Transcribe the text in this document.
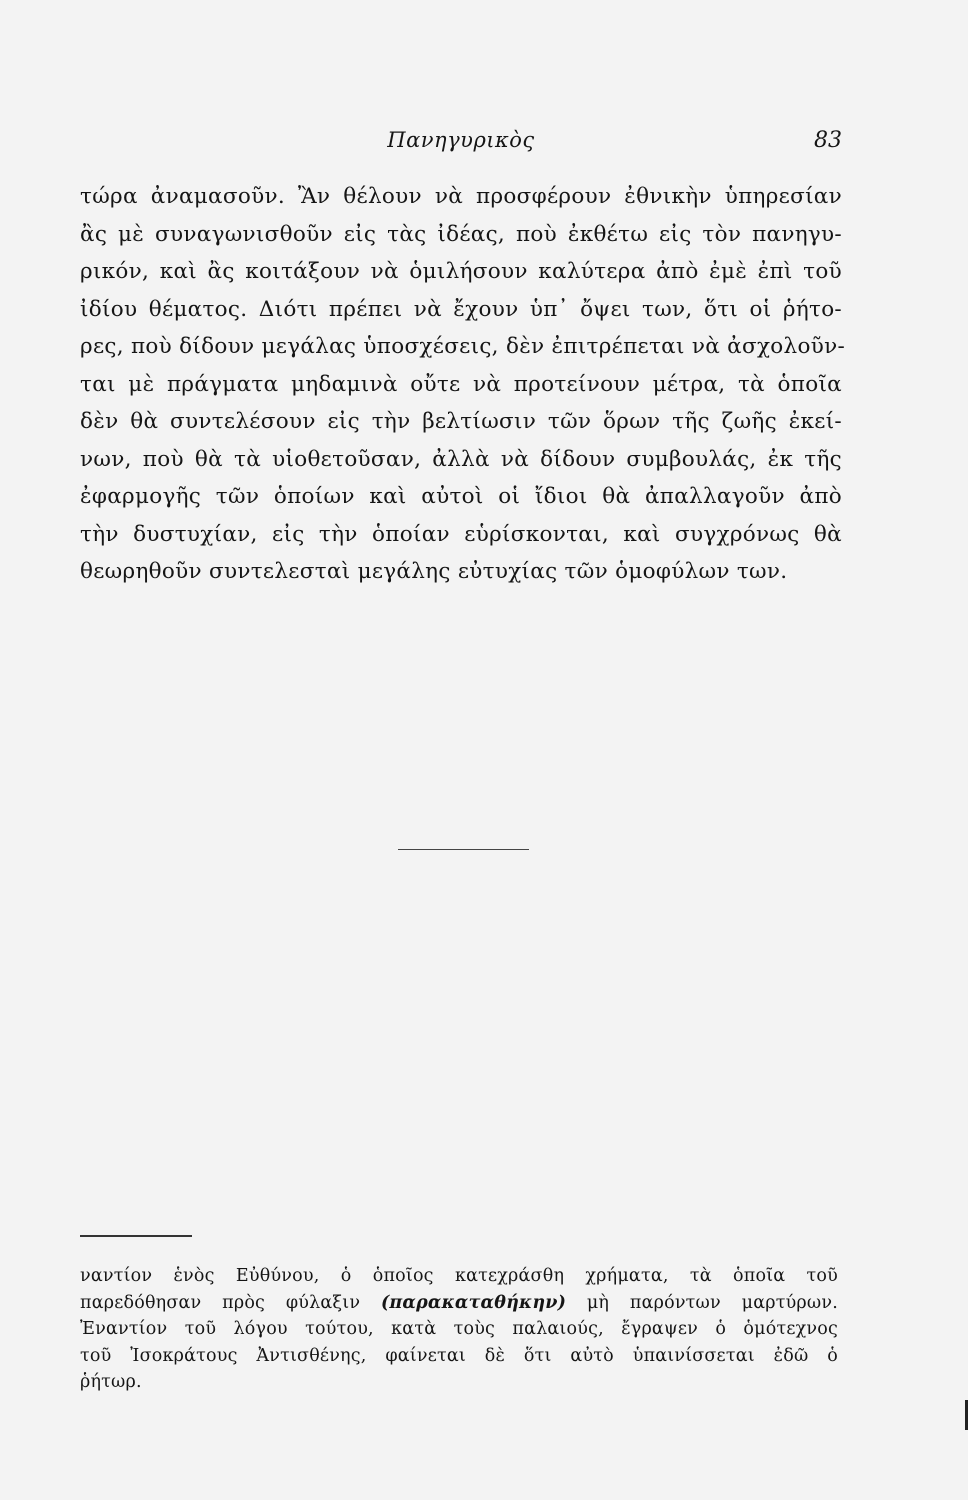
Πανηγυρικὸς	83
τώρα ἀναμασοῦν. Ἂν θέλουν νὰ προσφέρουν ἐθνικὴν ὑπηρεσίαν
ἂς μὲ συναγωνισθοῦν εἰς τὰς ἰδέας, ποὺ ἐκθέτω εἰς τὸν πανηγυ-
ρικόν, καὶ ἂς κοιτάξουν νὰ ὁμιλήσουν καλύτερα ἀπὸ ἐμὲ ἐπὶ τοῦ
ἰδίου θέματος. Διότι πρέπει νὰ ἔχουν ὑπ᾿ ὄψει των, ὅτι οἱ ῥήτο-
ρες, ποὺ δίδουν μεγάλας ὑποσχέσεις, δὲν ἐπιτρέπεται νὰ ἀσχολοῦν-
ται μὲ πράγματα μηδαμινὰ οὔτε νὰ προτείνουν μέτρα, τὰ ὁποῖα
δὲν θὰ συντελέσουν εἰς τὴν βελτίωσιν τῶν ὅρων τῆς ζωῆς ἐκεί-
νων, ποὺ θὰ τὰ υἱοθετοῦσαν, ἀλλὰ νὰ δίδουν συμβουλάς, ἐκ τῆς
ἐφαρμογῆς τῶν ὁποίων καὶ αὐτοὶ οἱ ἴδιοι θὰ ἀπαλλαγοῦν ἀπὸ
τὴν δυστυχίαν, εἰς τὴν ὁποίαν εὑρίσκονται, καὶ συγχρόνως θὰ
θεωρηθοῦν συντελεσταὶ μεγάλης εὐτυχίας τῶν ὁμοφύλων των.
ναντίον ἑνὸς Εὐθύνου, ὁ ὁποῖος κατεχράσθη χρήματα, τὰ ὁποῖα τοῦ
παρεδόθησαν πρὸς φύλαξιν (παρακαταθήκην) μὴ παρόντων μαρτύρων.
Ἐναντίον τοῦ λόγου τούτου, κατὰ τοὺς παλαιούς, ἔγραψεν ὁ ὁμότεχνος
τοῦ Ἰσοκράτους Ἀντισθένης, φαίνεται δὲ ὅτι αὐτὸ ὑπαινίσσεται ἐδῶ ὁ
ῥήτωρ.
